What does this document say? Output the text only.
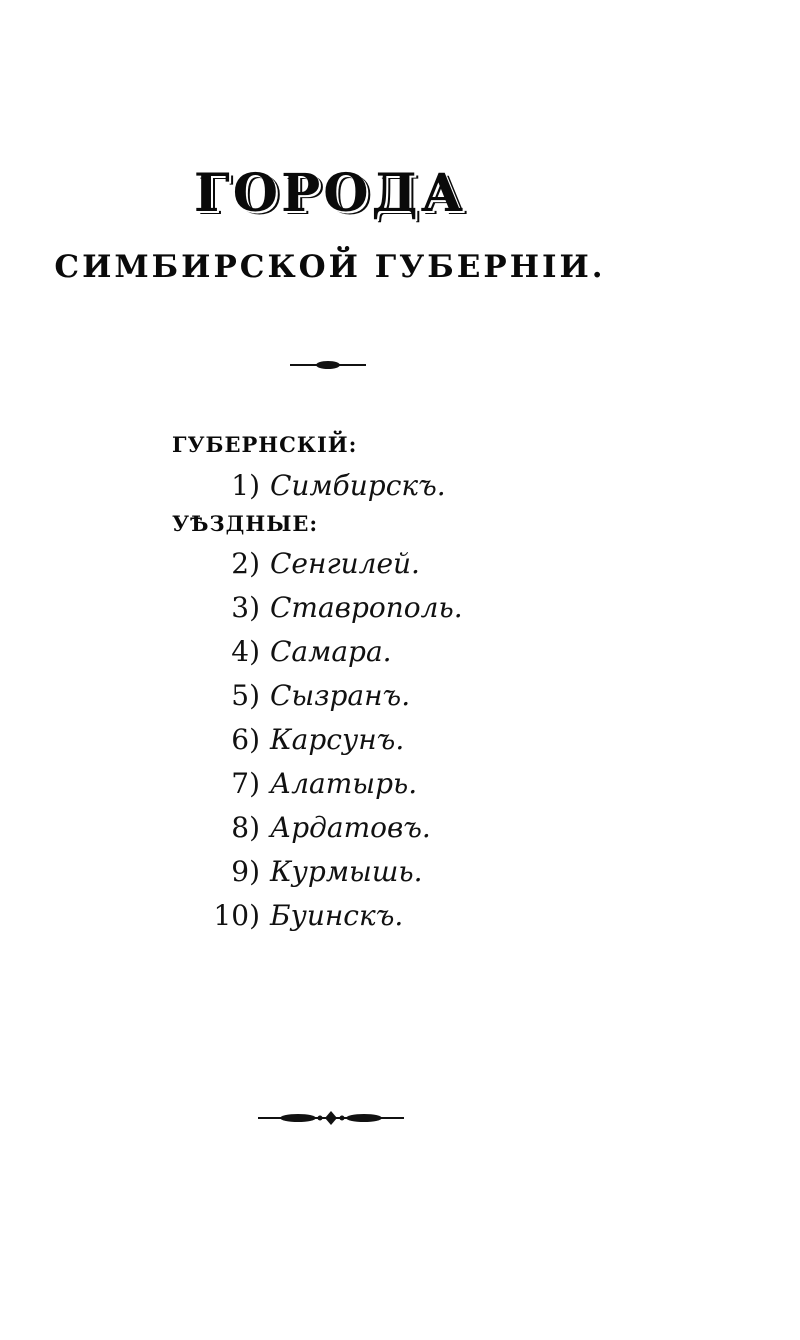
ГОРОДА
СИМБИРСКОЙ ГУБЕРНІИ.
ГУБЕРНСКІЙ:
1) Симбирскъ.
УѢЗДНЫЕ:
2) Сенгилей.
3) Ставрополь.
4) Самара.
5) Сызранъ.
6) Карсунъ.
7) Алатырь.
8) Ардатовъ.
9) Курмышь.
10) Буинскъ.
